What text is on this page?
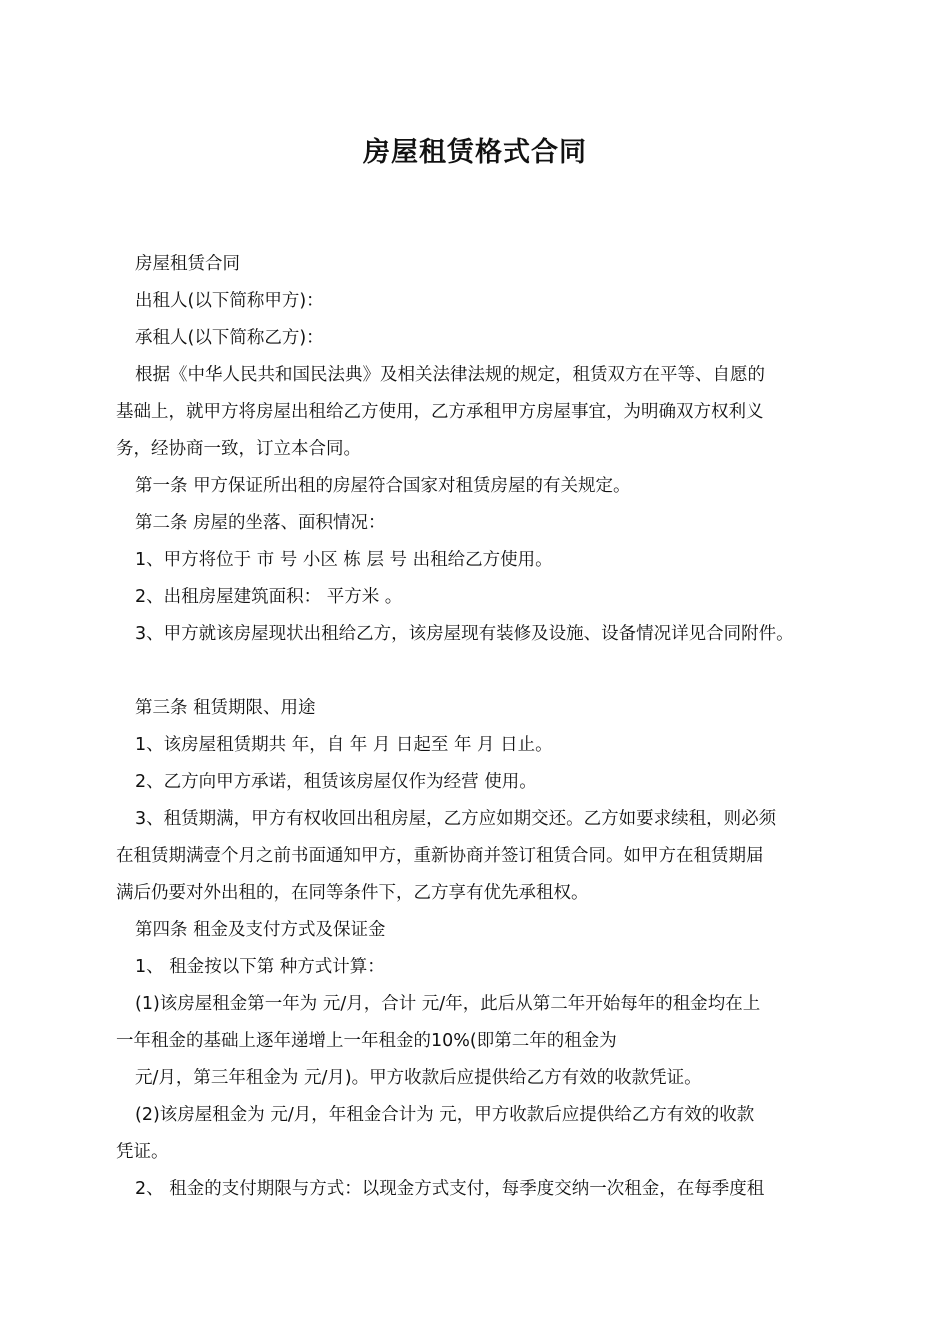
房屋租赁格式合同
房屋租赁合同
出租人(以下简称甲方)：
承租人(以下简称乙方)：
根据《中华人民共和国民法典》及相关法律法规的规定，租赁双方在平等、自愿的
基础上，就甲方将房屋出租给乙方使用，乙方承租甲方房屋事宜，为明确双方权利义
务，经协商一致，订立本合同。
第一条 甲方保证所出租的房屋符合国家对租赁房屋的有关规定。
第二条 房屋的坐落、面积情况：
1、甲方将位于 市 号 小区 栋 层 号 出租给乙方使用。
2、出租房屋建筑面积： 平方米 。
3、甲方就该房屋现状出租给乙方，该房屋现有装修及设施、设备情况详见合同附件。
第三条 租赁期限、用途
1、该房屋租赁期共 年，自 年 月 日起至 年 月 日止。
2、乙方向甲方承诺，租赁该房屋仅作为经营 使用。
3、租赁期满，甲方有权收回出租房屋，乙方应如期交还。乙方如要求续租，则必须
在租赁期满壹个月之前书面通知甲方，重新协商并签订租赁合同。如甲方在租赁期届
满后仍要对外出租的，在同等条件下，乙方享有优先承租权。
第四条 租金及支付方式及保证金
1、 租金按以下第 种方式计算：
(1)该房屋租金第一年为 元/月，合计 元/年，此后从第二年开始每年的租金均在上
一年租金的基础上逐年递增上一年租金的10%(即第二年的租金为
元/月，第三年租金为 元/月)。甲方收款后应提供给乙方有效的收款凭证。
(2)该房屋租金为 元/月，年租金合计为 元，甲方收款后应提供给乙方有效的收款
凭证。
2、 租金的支付期限与方式：以现金方式支付，每季度交纳一次租金，在每季度租
